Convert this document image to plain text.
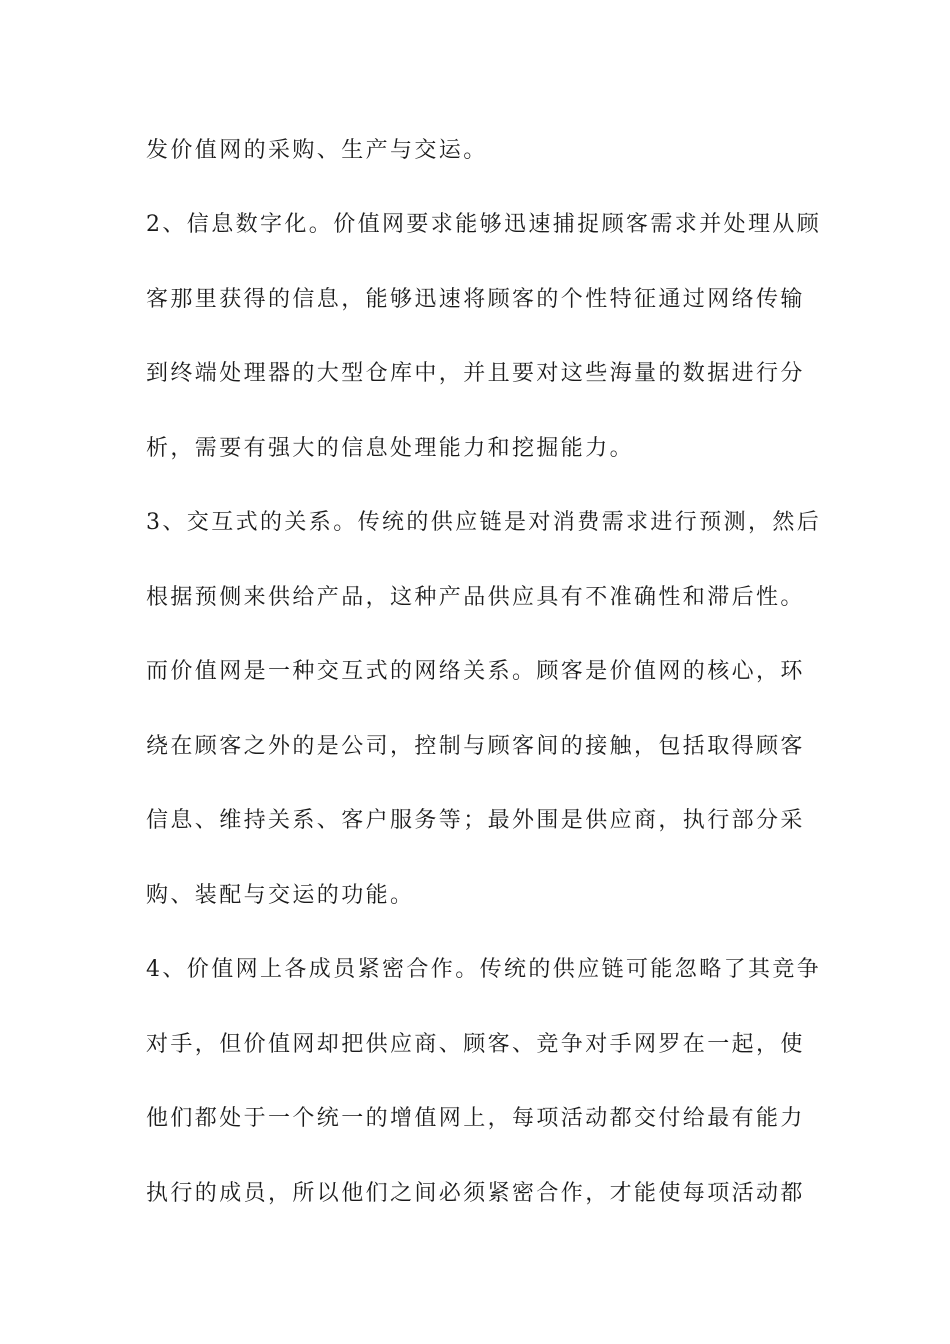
发价值网的采购、生产与交运。
2、信息数字化。价值网要求能够迅速捕捉顾客需求并处理从顾
客那里获得的信息，能够迅速将顾客的个性特征通过网络传输
到终端处理器的大型仓库中，并且要对这些海量的数据进行分
析，需要有强大的信息处理能力和挖掘能力。
3、交互式的关系。传统的供应链是对消费需求进行预测，然后
根据预侧来供给产品，这种产品供应具有不准确性和滞后性。
而价值网是一种交互式的网络关系。顾客是价值网的核心，环
绕在顾客之外的是公司，控制与顾客间的接触，包括取得顾客
信息、维持关系、客户服务等；最外围是供应商，执行部分采
购、装配与交运的功能。
4、价值网上各成员紧密合作。传统的供应链可能忽略了其竞争
对手，但价值网却把供应商、顾客、竞争对手网罗在一起，使
他们都处于一个统一的增值网上，每项活动都交付给最有能力
执行的成员，所以他们之间必须紧密合作，才能使每项活动都
